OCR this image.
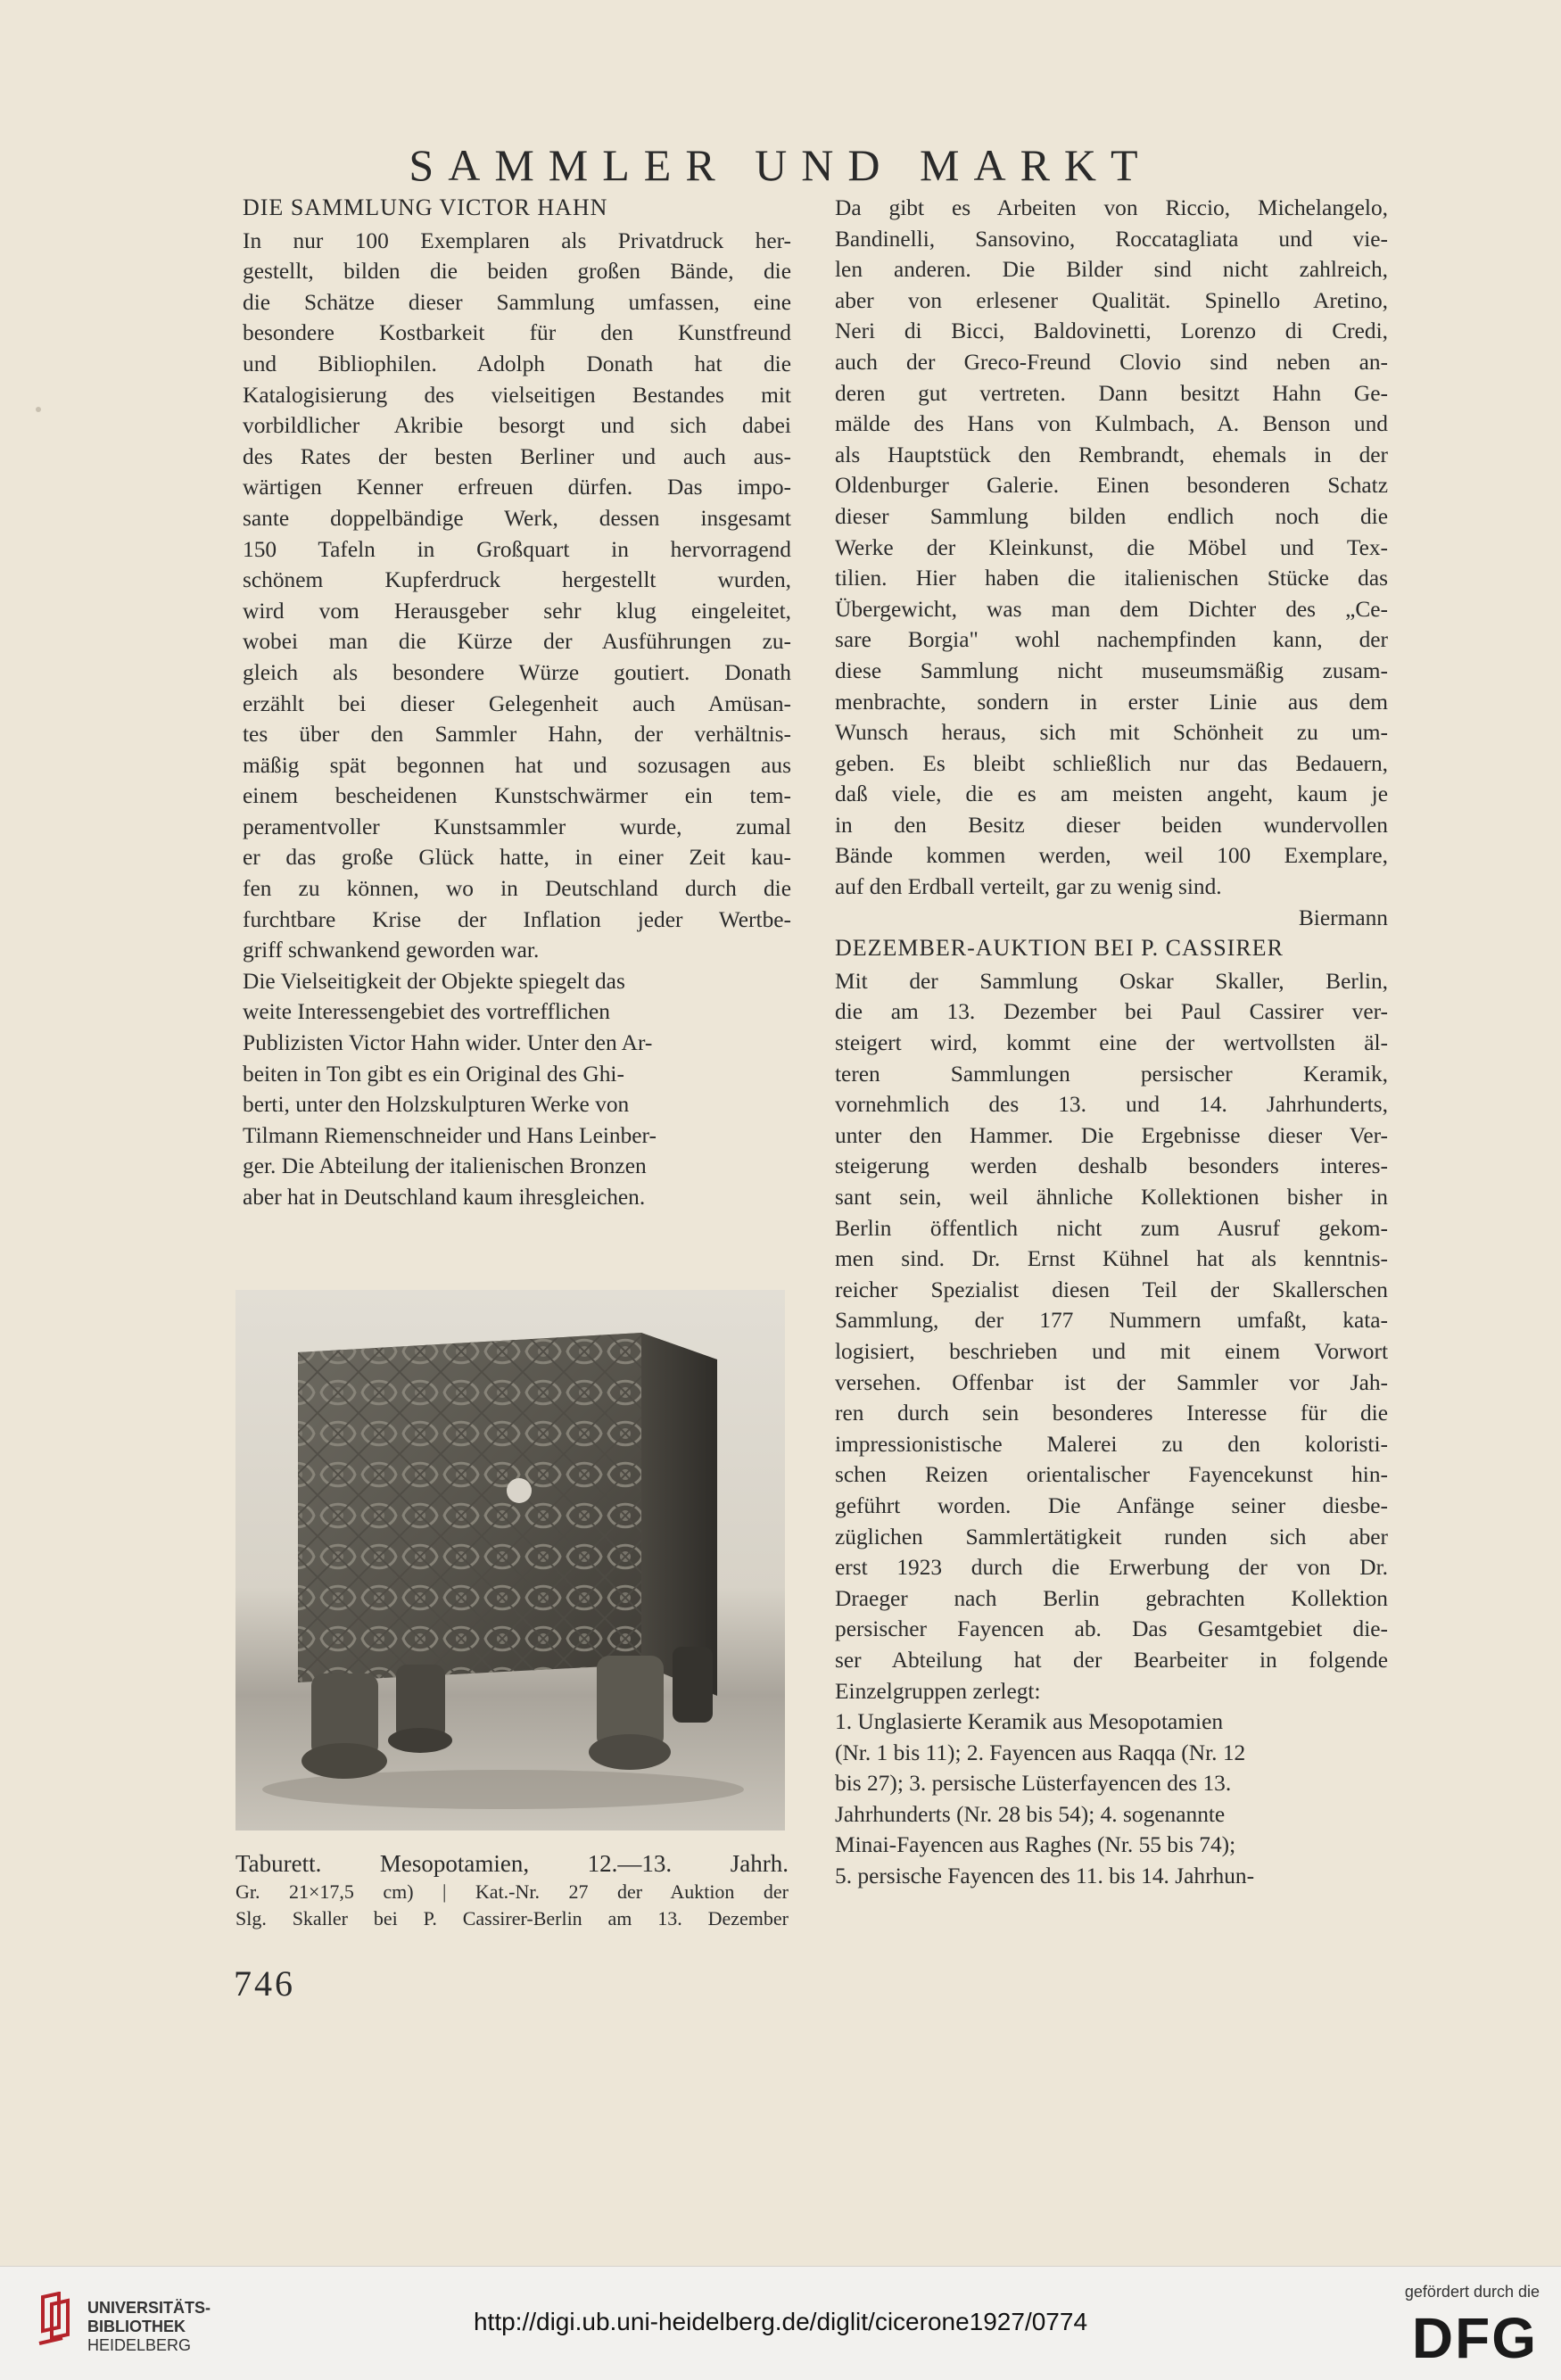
SAMMLER UND MARKT
DIE SAMMLUNG VICTOR HAHN

In nur 100 Exemplaren als Privatdruck her-
gestellt, bilden die beiden großen Bände, die
die Schätze dieser Sammlung umfassen, eine
besondere Kostbarkeit für den Kunstfreund
und Bibliophilen. Adolph Donath hat die
Katalogisierung des vielseitigen Bestandes mit
vorbildlicher Akribie besorgt und sich dabei
des Rates der besten Berliner und auch aus-
wärtigen Kenner erfreuen dürfen. Das impo-
sante doppelbändige Werk, dessen insgesamt
150 Tafeln in Großquart in hervorragend
schönem Kupferdruck hergestellt wurden,
wird vom Herausgeber sehr klug eingeleitet,
wobei man die Kürze der Ausführungen zu-
gleich als besondere Würze goutiert. Donath
erzählt bei dieser Gelegenheit auch Amüsan-
tes über den Sammler Hahn, der verhältnis-
mäßig spät begonnen hat und sozusagen aus
einem bescheidenen Kunstschwärmer ein tem-
peramentvoller Kunstsammler wurde, zumal
er das große Glück hatte, in einer Zeit kau-
fen zu können, wo in Deutschland durch die
furchtbare Krise der Inflation jeder Wertbe-
griff schwankend geworden war.

Die Vielseitigkeit der Objekte spiegelt das
weite Interessengebiet des vortrefflichen
Publizisten Victor Hahn wider. Unter den Ar-
beiten in Ton gibt es ein Original des Ghi-
berti, unter den Holzskulpturen Werke von
Tilmann Riemenschneider und Hans Leinber-
ger. Die Abteilung der italienischen Bronzen
aber hat in Deutschland kaum ihresgleichen.

Taburett. Mesopotamien, 12.—13. Jahrh.
Gr. 21×17,5 cm) | Kat.-Nr. 27 der Auktion der
Slg. Skaller bei P. Cassirer-Berlin am 13. Dezember
746

Da gibt es Arbeiten von Riccio, Michelangelo,
Bandinelli, Sansovino, Roccatagliata und vie-
len anderen. Die Bilder sind nicht zahlreich,
aber von erlesener Qualität. Spinello Aretino,
Neri di Bicci, Baldovinetti, Lorenzo di Credi,
auch der Greco-Freund Clovio sind neben an-
deren gut vertreten. Dann besitzt Hahn Ge-
mälde des Hans von Kulmbach, A. Benson und
als Hauptstück den Rembrandt, ehemals in der
Oldenburger Galerie. Einen besonderen Schatz
dieser Sammlung bilden endlich noch die
Werke der Kleinkunst, die Möbel und Tex-
tilien. Hier haben die italienischen Stücke das
Übergewicht, was man dem Dichter des „Ce-
sare Borgia" wohl nachempfinden kann, der
diese Sammlung nicht museumsmäßig zusam-
menbrachte, sondern in erster Linie aus dem
Wunsch heraus, sich mit Schönheit zu um-
geben. Es bleibt schließlich nur das Bedauern,
daß viele, die es am meisten angeht, kaum je
in den Besitz dieser beiden wundervollen
Bände kommen werden, weil 100 Exemplare,
auf den Erdball verteilt, gar zu wenig sind.

Biermann

DEZEMBER-AUKTION BEI P. CASSIRER

Mit der Sammlung Oskar Skaller, Berlin,
die am 13. Dezember bei Paul Cassirer ver-
steigert wird, kommt eine der wertvollsten äl-
teren Sammlungen persischer Keramik,
vornehmlich des 13. und 14. Jahrhunderts,
unter den Hammer. Die Ergebnisse dieser Ver-
steigerung werden deshalb besonders interes-
sant sein, weil ähnliche Kollektionen bisher in
Berlin öffentlich nicht zum Ausruf gekom-
men sind. Dr. Ernst Kühnel hat als kenntnis-
reicher Spezialist diesen Teil der Skallerschen
Sammlung, der 177 Nummern umfaßt, kata-
logisiert, beschrieben und mit einem Vorwort
versehen. Offenbar ist der Sammler vor Jah-
ren durch sein besonderes Interesse für die
impressionistische Malerei zu den koloristi-
schen Reizen orientalischer Fayencekunst hin-
geführt worden. Die Anfänge seiner diesbe-
züglichen Sammlertätigkeit runden sich aber
erst 1923 durch die Erwerbung der von Dr.
Draeger nach Berlin gebrachten Kollektion
persischer Fayencen ab. Das Gesamtgebiet die-
ser Abteilung hat der Bearbeiter in folgende
Einzelgruppen zerlegt:

1. Unglasierte Keramik aus Mesopotamien
(Nr. 1 bis 11); 2. Fayencen aus Raqqa (Nr. 12
bis 27); 3. persische Lüsterfayencen des 13.
Jahrhunderts (Nr. 28 bis 54); 4. sogenannte
Minai-Fayencen aus Raghes (Nr. 55 bis 74);
5. persische Fayencen des 11. bis 14. Jahrhun-

UNIVERSITÄTS-
BIBLIOTHEK
HEIDELBERG
http://digi.ub.uni-heidelberg.de/diglit/cicerone1927/0774
gefördert durch die
DFG
